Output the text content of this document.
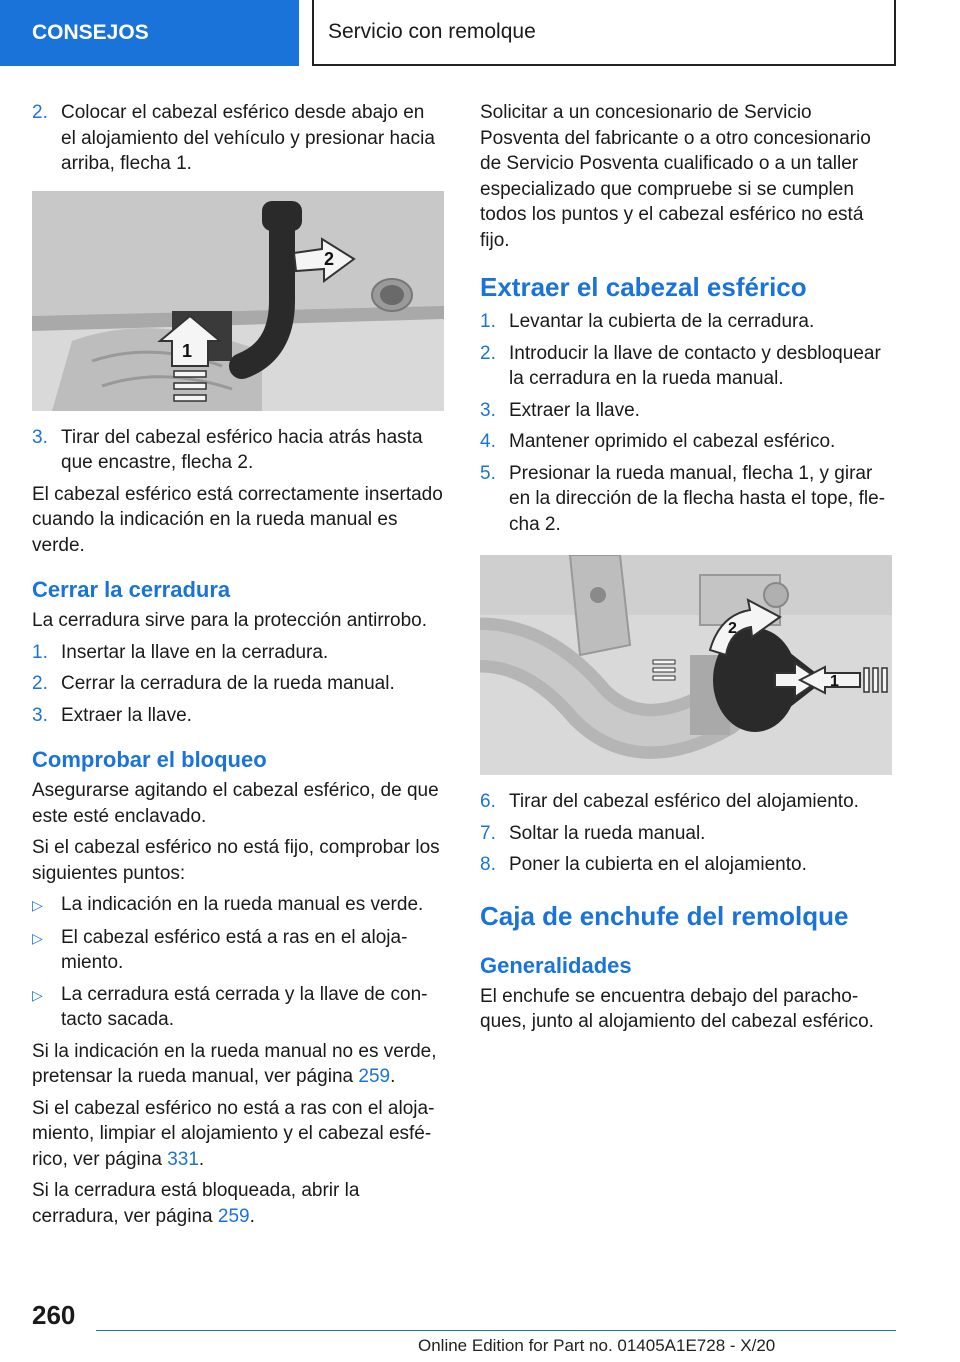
CONSEJOS	Servicio con remolque
2. Colocar el cabezal esférico desde abajo en el alojamiento del vehículo y presionar hacia arriba, flecha 1.
2
1
3. Tirar del cabezal esférico hacia atrás hasta que encastre, flecha 2.

El cabezal esférico está correctamente insertado cuando la indicación en la rueda manual es verde.

Cerrar la cerradura

La cerradura sirve para la protección antirrobo.

1. Insertar la llave en la cerradura.
2. Cerrar la cerradura de la rueda manual.
3. Extraer la llave.
Comprobar el bloqueo

Asegurarse agitando el cabezal esférico, de que este esté enclavado.

Si el cabezal esférico no está fijo, comprobar los siguientes puntos:

▷ La indicación en la rueda manual es verde.
▷ El cabezal esférico está a ras en el alojamiento.
▷ La cerradura está cerrada y la llave de contacto sacada.

Si la indicación en la rueda manual no es verde, pretensar la rueda manual, ver página 259.

Si el cabezal esférico no está a ras con el alojamiento, limpiar el alojamiento y el cabezal esférico, ver página 331.

Si la cerradura está bloqueada, abrir la cerradura, ver página 259.

Solicitar a un concesionario de Servicio Posventa del fabricante o a otro concesionario de Servicio Posventa cualificado o a un taller especializado que compruebe si se cumplen todos los puntos y el cabezal esférico no está fijo.

Extraer el cabezal esférico
1. Levantar la cubierta de la cerradura.
2. Introducir la llave de contacto y desbloquear la cerradura en la rueda manual.
3. Extraer la llave.
4. Mantener oprimido el cabezal esférico.
5. Presionar la rueda manual, flecha 1, y girar en la dirección de la flecha hasta el tope, flecha 2.
2
1
6. Tirar del cabezal esférico del alojamiento.
7. Soltar la rueda manual.
8. Poner la cubierta en el alojamiento.
Caja de enchufe del remolque
Generalidades

El enchufe se encuentra debajo del parachoques, junto al alojamiento del cabezal esférico.

260
Online Edition for Part no. 01405A1E728 - X/20
